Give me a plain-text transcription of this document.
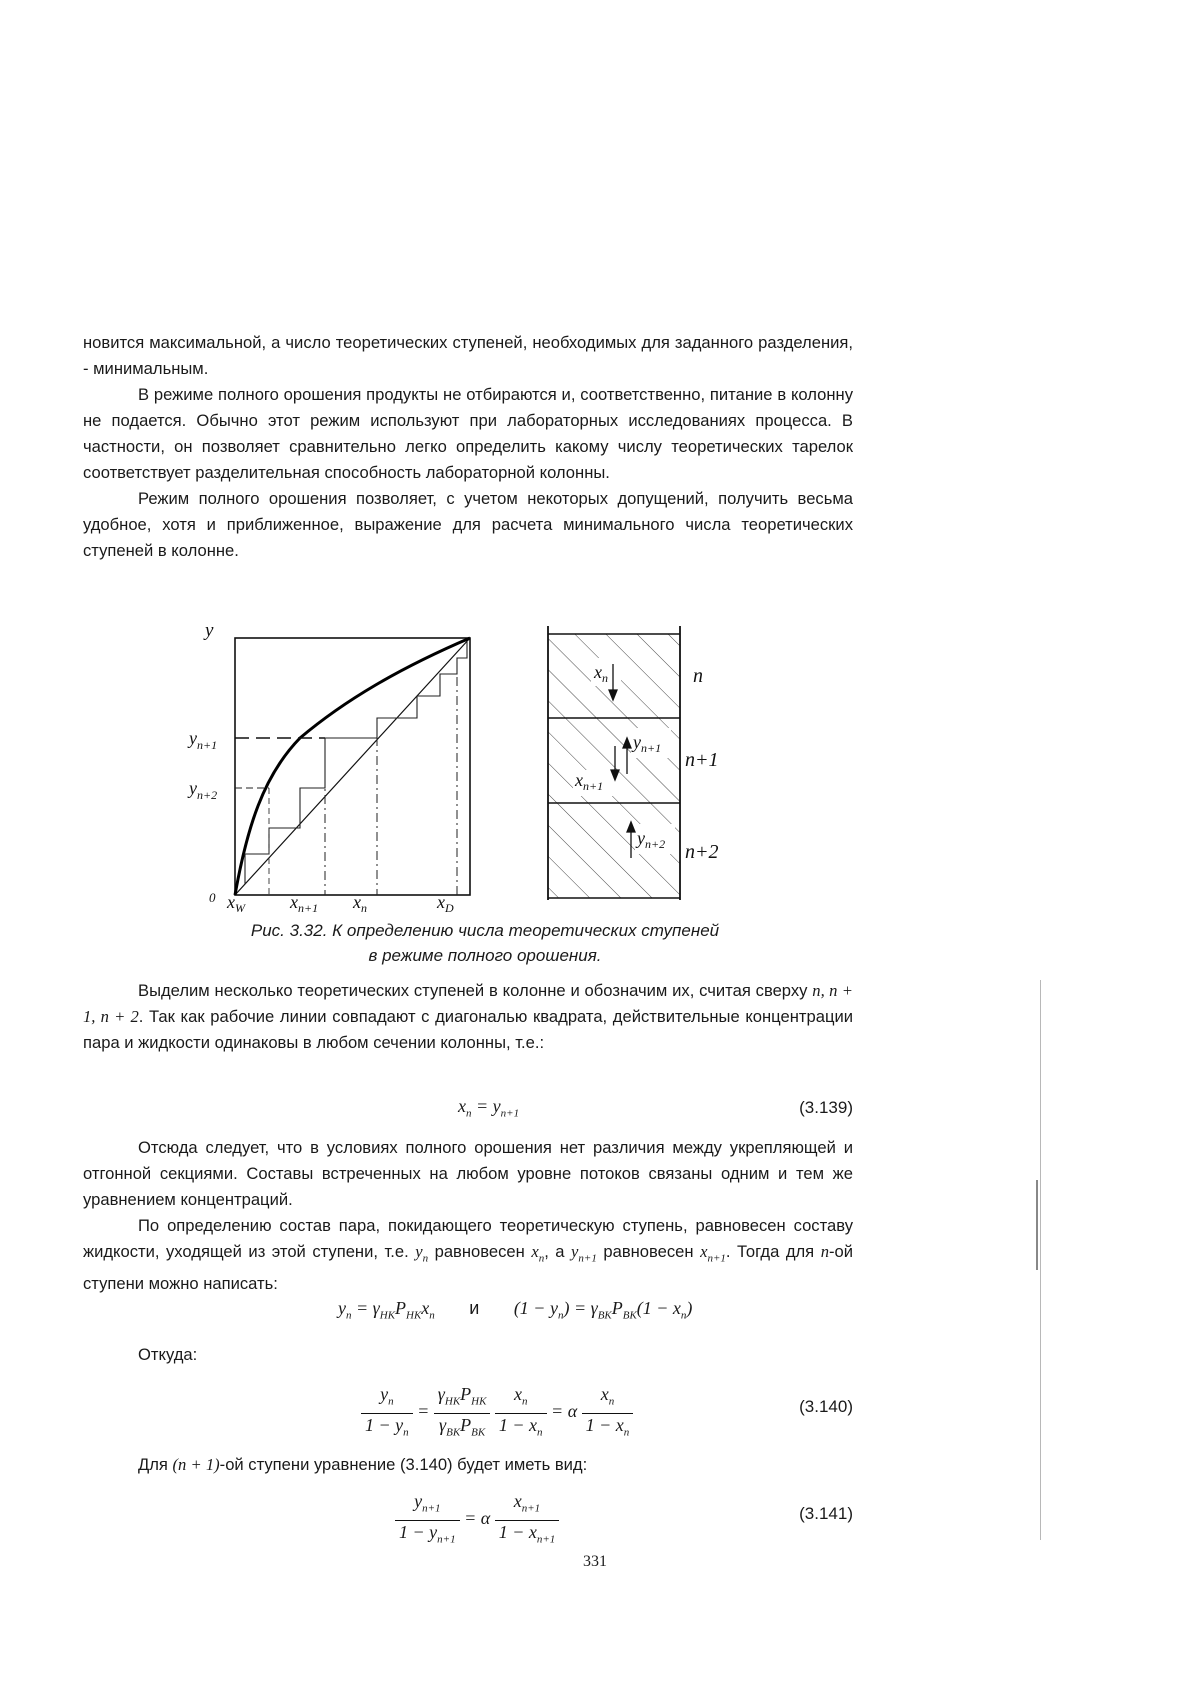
новится максимальной, а число теоретических ступеней, необходимых для заданного разделения, - минимальным.

В режиме полного орошения продукты не отбираются и, соответственно, питание в колонну не подается. Обычно этот режим используют при лабораторных исследованиях процесса. В частности, он позволяет сравнительно легко определить какому числу теоретических тарелок соответствует разделительная способность лабораторной колонны.

Режим полного орошения позволяет, с учетом некоторых допущений, получить весьма удобное, хотя и приближенное, выражение для расчета минимального числа теоретических ступеней в колонне.

y
0
$y_{n+1}$
$y_{n+2}$
$x_W$	$x_{n+1}$ $x_n$	$x_D$
$x_n$
$y_{n+1}$
$x_{n+1}$
$y_{n+2}$
n
n+1
n+2
Рис. 3.32. К определению числа теоретических ступеней
в режиме полного орошения.

Выделим несколько теоретических ступеней в колонне и обозначим их, считая сверху n, n + 1, n + 2. Так как рабочие линии совпадают с диагональю квадрата, действительные концентрации пара и жидкости одинаковы в любом сечении колонны, т.е.:

$x_n = y_{n+1}$	(3.139)

Отсюда следует, что в условиях полного орошения нет различия между укрепляющей и отгонной секциями. Составы встреченных на любом уровне потоков связаны одним и тем же уравнением концентраций.

По определению состав пара, покидающего теоретическую ступень, равновесен составу жидкости, уходящей из этой ступени, т.е. $y_n$ равновесен $x_n$, а $y_{n+1}$ равновесен $x_{n+1}$. Тогда для n-ой ступени можно написать:

$y_n = \gamma_{НК}P_{НК}x_n$ и $(1 - y_n) = \gamma_{ВК}P_{ВК}(1 - x_n)$

Откуда:

$\frac{y_n}{1 - y_n} = \frac{\gamma_{НК}P_{НК}}{\gamma_{ВК}P_{ВК}}$
$\frac{x_n}{1 - x_n} = \alpha \frac{x_n}{1 - x_n}$	(3.140)

Для (n + 1)-ой ступени уравнение (3.140) будет иметь вид:

$\frac{y_{n+1}}{1 - y_{n+1}} = \alpha \frac{x_{n+1}}{1 - x_{n+1}}$	(3.141)
331
